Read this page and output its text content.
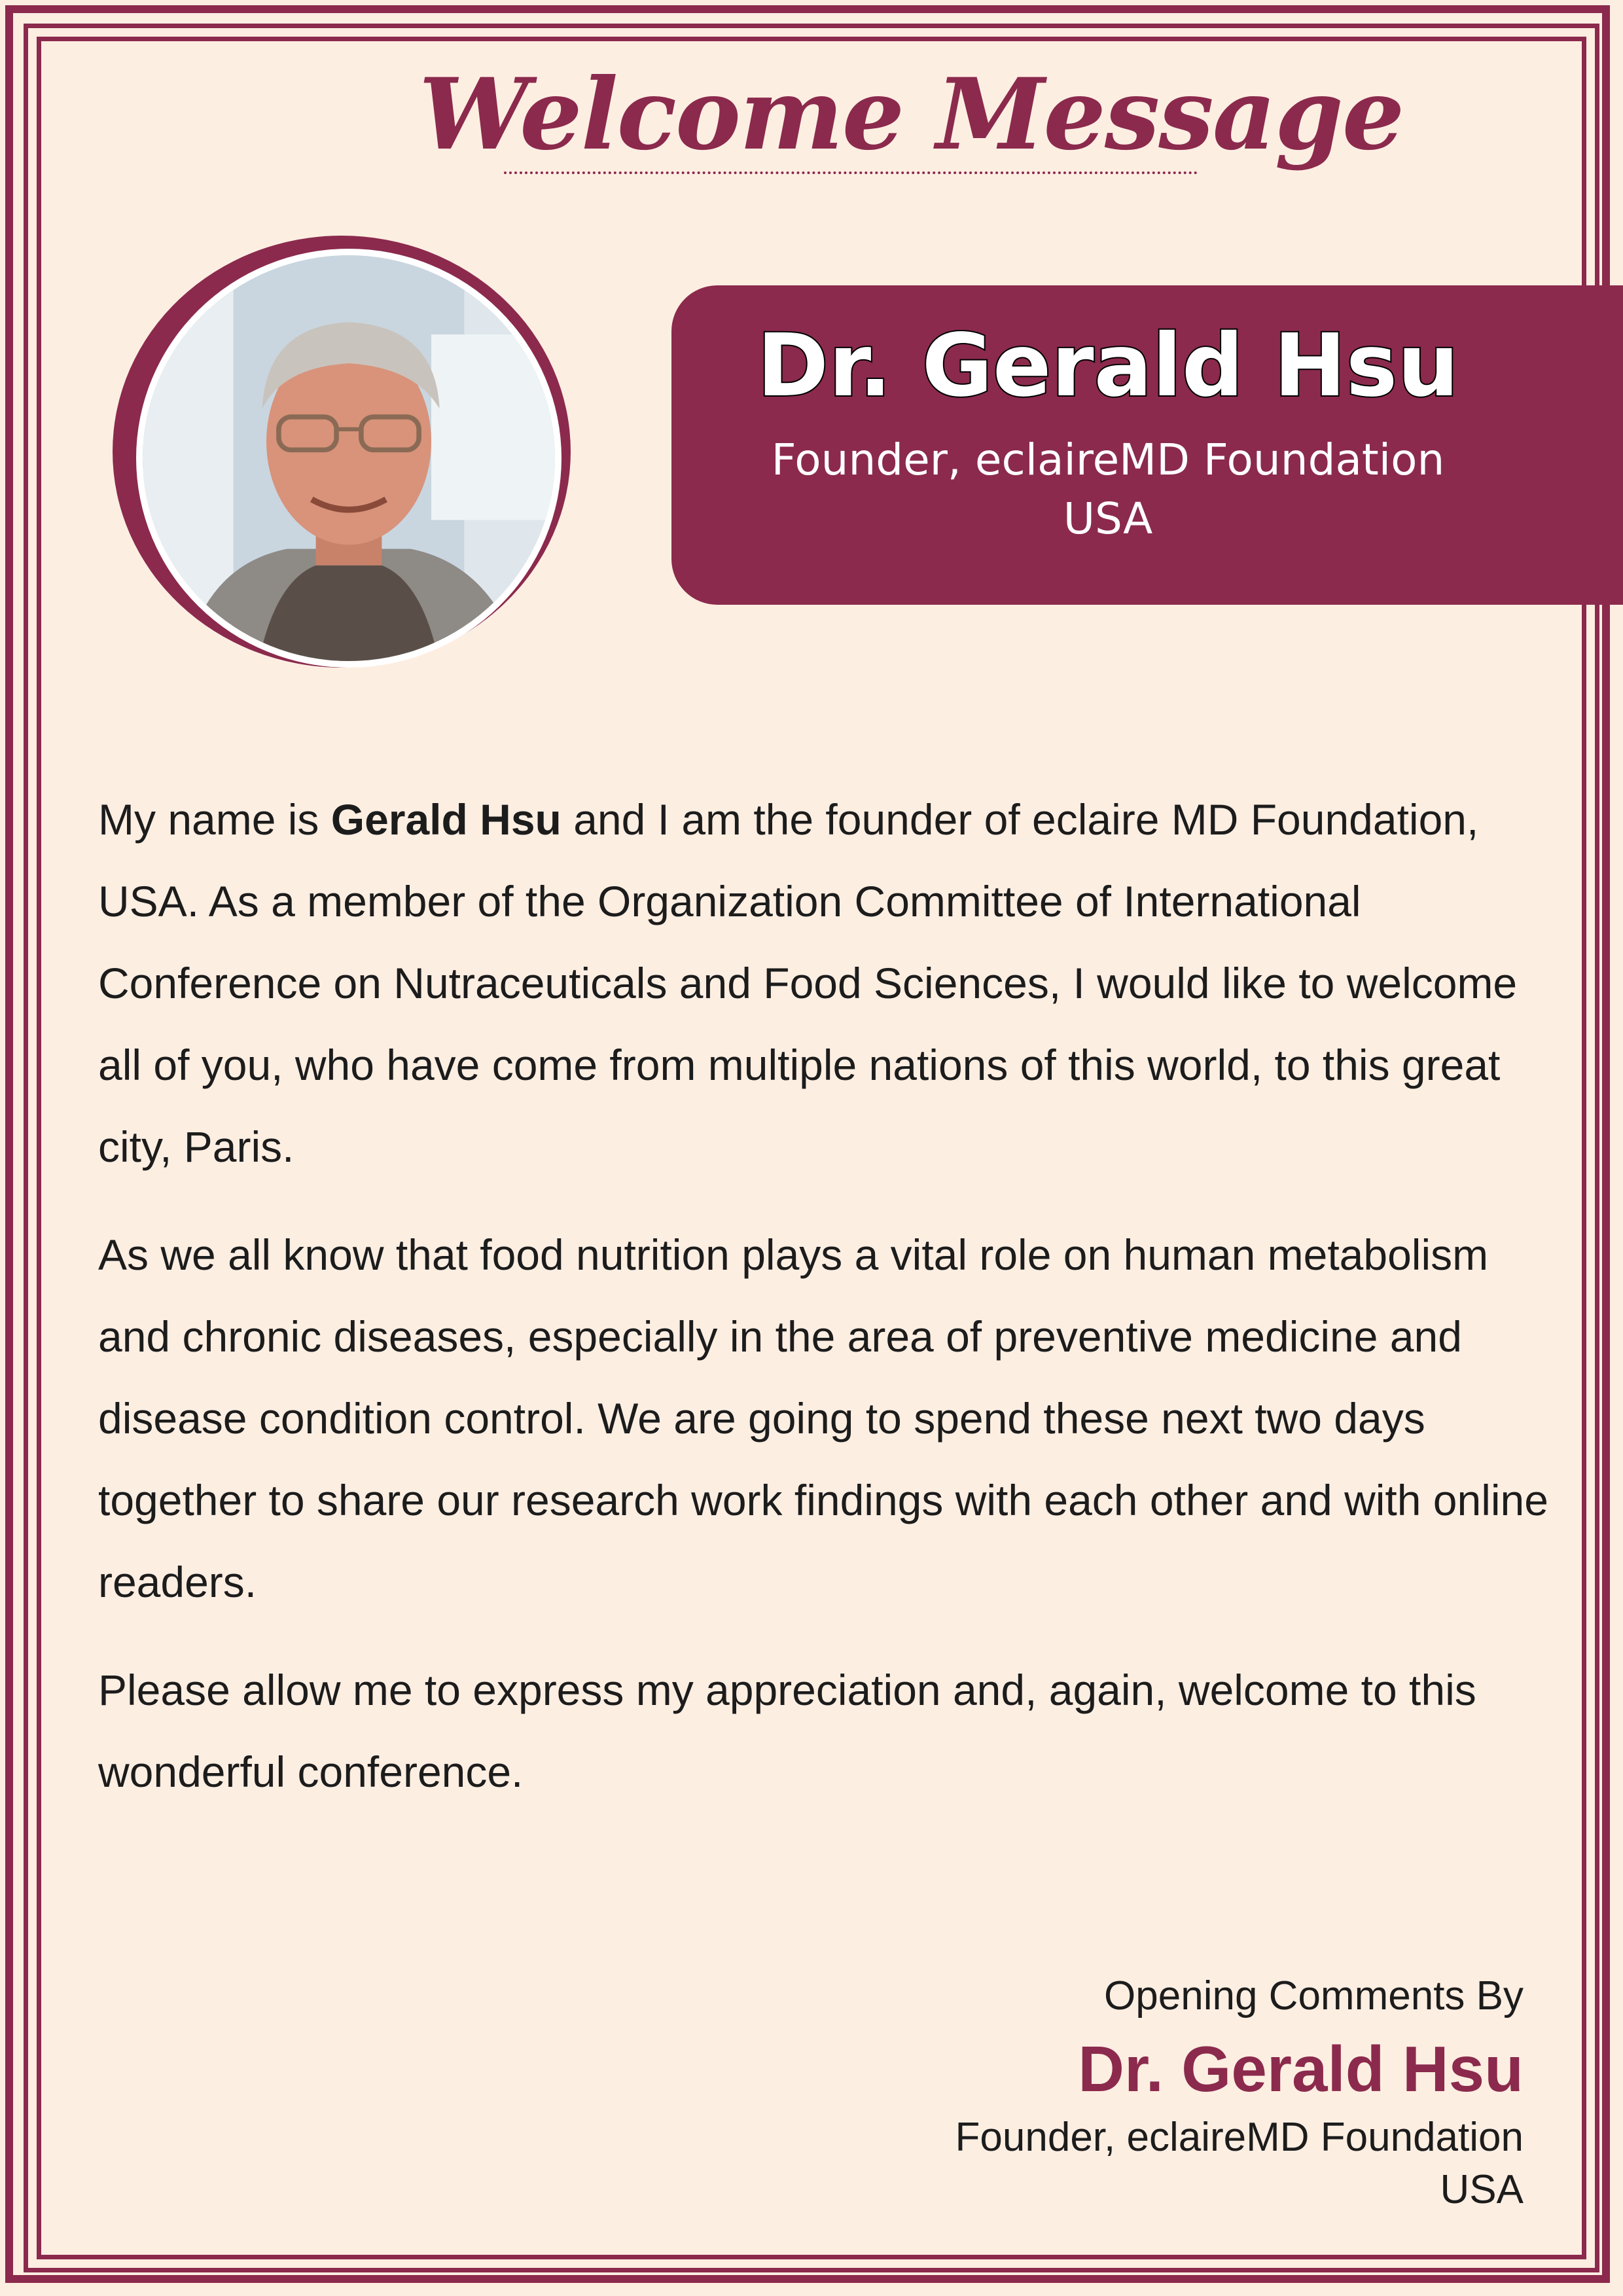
Welcome Message
Dr. Gerald Hsu
Founder, eclaireMD Foundation
USA

My name is Gerald Hsu and I am the founder of eclaire MD Foundation, USA. As a member of the Organization Committee of International Conference on Nutraceuticals and Food Sciences, I would like to welcome all of you, who have come from multiple nations of this world, to this great city, Paris.

As we all know that food nutrition plays a vital role on human metabolism and chronic diseases, especially in the area of preventive medicine and disease condition control. We are going to spend these next two days together to share our research work findings with each other and with online readers.

Please allow me to express my appreciation and, again, welcome to this wonderful conference.

Opening Comments By

Dr. Gerald Hsu

Founder, eclaireMD Foundation

USA
